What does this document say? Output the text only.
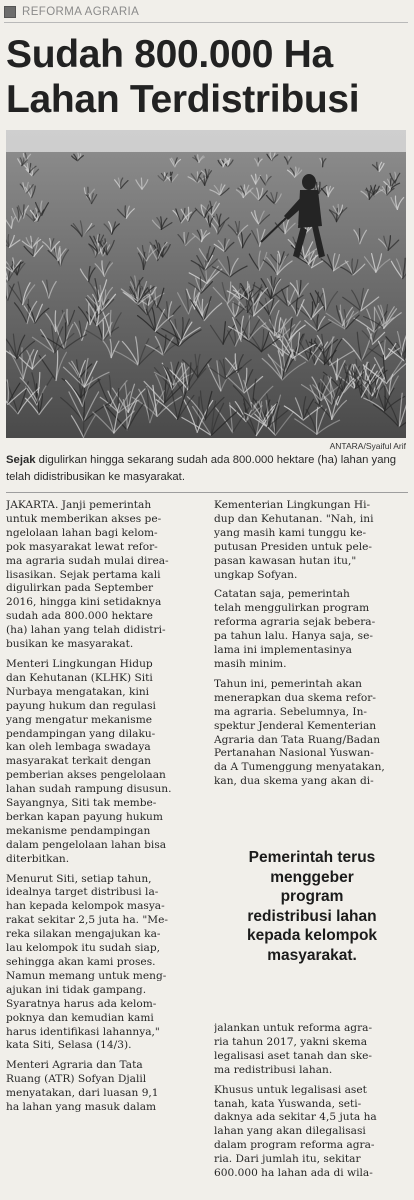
REFORMA AGRARIA
Sudah 800.000 Ha
Lahan Terdistribusi
ANTARA/Syaiful Arif
Sejak digulirkan hingga sekarang sudah ada 800.000 hektare (ha) lahan yang telah didistribusikan ke masyarakat.
JAKARTA. Janji pemerintah
untuk memberikan akses pe-
ngelolaan lahan bagi kelom-
pok masyarakat lewat refor-
ma agraria sudah mulai direa-
lisasikan. Sejak pertama kali
digulirkan pada September
2016, hingga kini setidaknya
sudah ada 800.000 hektare
(ha) lahan yang telah didistri-
busikan ke masyarakat.
Menteri Lingkungan Hidup
dan Kehutanan (KLHK) Siti
Nurbaya mengatakan, kini
payung hukum dan regulasi
yang mengatur mekanisme
pendampingan yang dilaku-
kan oleh lembaga swadaya
masyarakat terkait dengan
pemberian akses pengelolaan
lahan sudah rampung disusun.
Sayangnya, Siti tak membe-
berkan kapan payung hukum
mekanisme pendampingan
dalam pengelolaan lahan bisa
diterbitkan.
Menurut Siti, setiap tahun,
idealnya target distribusi la-
han kepada kelompok masya-
rakat sekitar 2,5 juta ha. "Me-
reka silakan mengajukan ka-
lau kelompok itu sudah siap,
sehingga akan kami proses.
Namun memang untuk meng-
ajukan ini tidak gampang.
Syaratnya harus ada kelom-
poknya dan kemudian kami
harus identifikasi lahannya,"
kata Siti, Selasa (14/3).
Menteri Agraria dan Tata
Ruang (ATR) Sofyan Djalil
menyatakan, dari luasan 9,1
ha lahan yang masuk dalam
Kementerian Lingkungan Hi-
dup dan Kehutanan. "Nah, ini
yang masih kami tunggu ke-
putusan Presiden untuk pele-
pasan kawasan hutan itu,"
ungkap Sofyan.
Catatan saja, pemerintah
telah menggulirkan program
reforma agraria sejak bebera-
pa tahun lalu. Hanya saja, se-
lama ini implementasinya
masih minim.
Tahun ini, pemerintah akan
menerapkan dua skema refor-
ma agraria. Sebelumnya, In-
spektur Jenderal Kementerian
Agraria dan Tata Ruang/Badan
Pertanahan Nasional Yuswan-
da A Tumenggung menyatakan,
kan, dua skema yang akan di-
Pemerintah terus
menggeber
program
redistribusi lahan
kepada kelompok
masyarakat.
jalankan untuk reforma agra-
ria tahun 2017, yakni skema
legalisasi aset tanah dan ske-
ma redistribusi lahan.
Khusus untuk legalisasi aset
tanah, kata Yuswanda, seti-
daknya ada sekitar 4,5 juta ha
lahan yang akan dilegalisasi
dalam program reforma agra-
ria. Dari jumlah itu, sekitar
600.000 ha lahan ada di wila-
